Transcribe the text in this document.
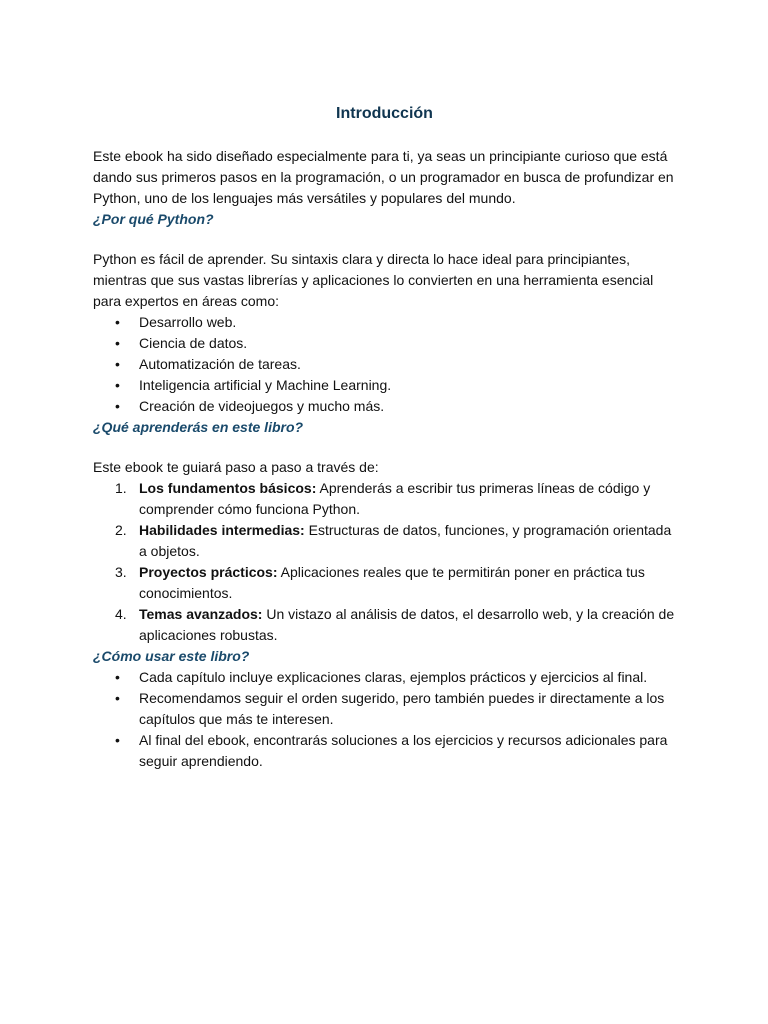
Introducción

Este ebook ha sido diseñado especialmente para ti, ya seas un principiante curioso que está dando sus primeros pasos en la programación, o un programador en busca de profundizar en Python, uno de los lenguajes más versátiles y populares del mundo.

¿Por qué Python?

Python es fácil de aprender. Su sintaxis clara y directa lo hace ideal para principiantes, mientras que sus vastas librerías y aplicaciones lo convierten en una herramienta esencial para expertos en áreas como:

• Desarrollo web.
• Ciencia de datos.
• Automatización de tareas.
• Inteligencia artificial y Machine Learning.
• Creación de videojuegos y mucho más.
¿Qué aprenderás en este libro?

Este ebook te guiará paso a paso a través de:

1. Los fundamentos básicos: Aprenderás a escribir tus primeras líneas de código y comprender cómo funciona Python.
2. Habilidades intermedias: Estructuras de datos, funciones, y programación orientada a objetos.
3. Proyectos prácticos: Aplicaciones reales que te permitirán poner en práctica tus conocimientos.
4. Temas avanzados: Un vistazo al análisis de datos, el desarrollo web, y la creación de aplicaciones robustas.
¿Cómo usar este libro?
• Cada capítulo incluye explicaciones claras, ejemplos prácticos y ejercicios al final.
• Recomendamos seguir el orden sugerido, pero también puedes ir directamente a los capítulos que más te interesen.
• Al final del ebook, encontrarás soluciones a los ejercicios y recursos adicionales para seguir aprendiendo.
